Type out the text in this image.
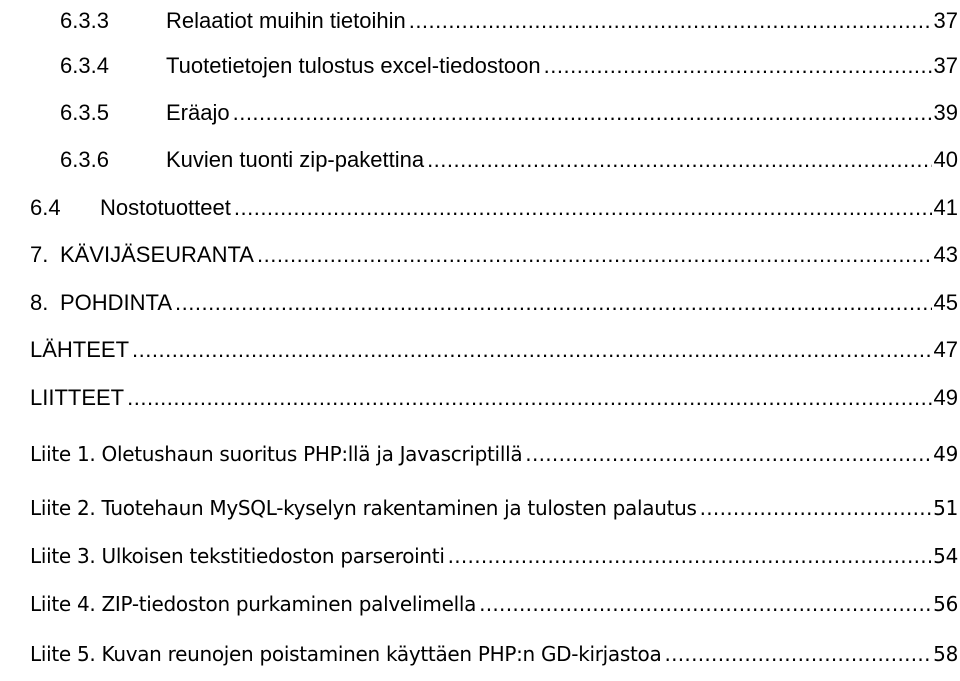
6.3.3	Relaatiot muihin tietoihin .....	37
6.3.4	Tuotetietojen tulostus excel-tiedostoon .....	37
6.3.5	Eräajo .....	39
6.3.6	Kuvien tuonti zip-pakettina .....	40
6.4 Nostotuotteet .....	41
7. KÄVIJÄSEURANTA .....	43
8. POHDINTA .....	45
LÄHTEET .....	47
LIITTEET .....	49
Liite 1. Oletushaun suoritus PHP:llä ja Javascriptillä .....	49
Liite 2. Tuotehaun MySQL-kyselyn rakentaminen ja tulosten palautus .....	51
Liite 3. Ulkoisen tekstitiedoston parserointi .....	54
Liite 4. ZIP-tiedoston purkaminen palvelimella .....	56
Liite 5. Kuvan reunojen poistaminen käyttäen PHP:n GD-kirjastoa .....	58
